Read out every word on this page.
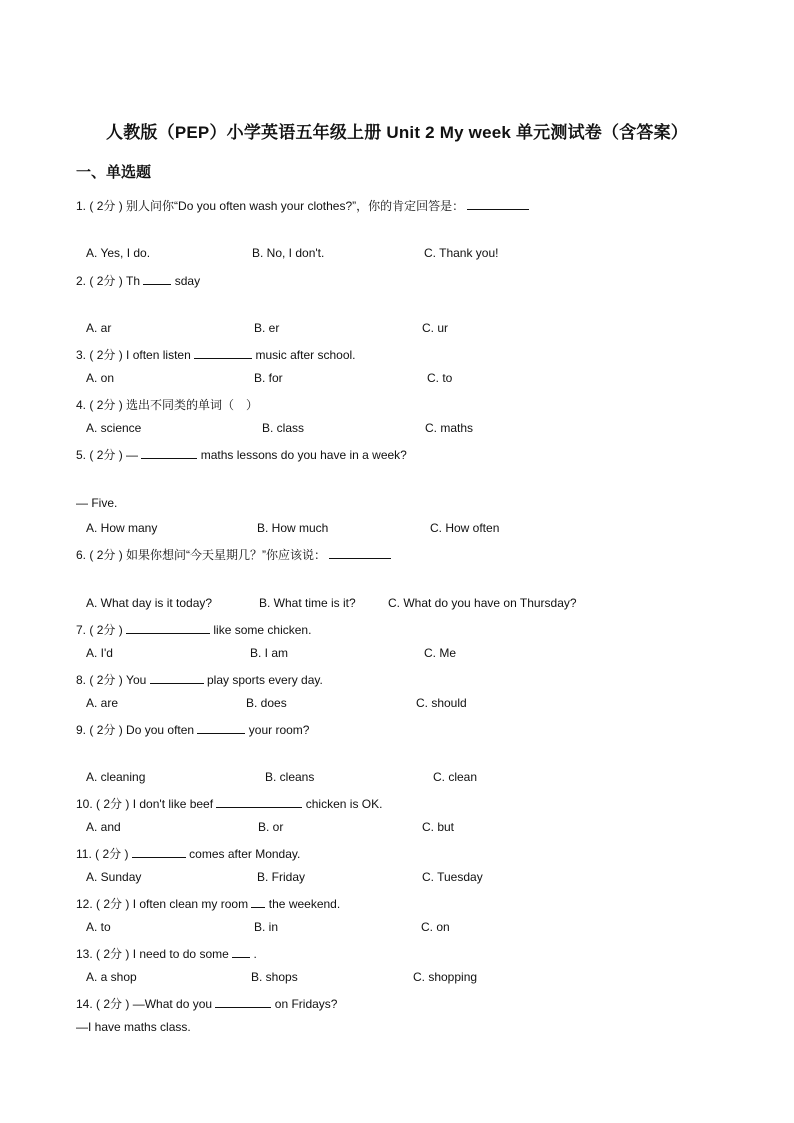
人教版（PEP）小学英语五年级上册 Unit 2 My week 单元测试卷（含答案）
一、单选题
1. ( 2分 ) 别人问你“Do you often wash your clothes?”，你的肯定回答是：
A. Yes, I do.	B. No, I don't.	C. Thank you!
2. ( 2分 ) Th	sday
A. ar	B. er	C. ur
3. ( 2分 ) I often listen	music after school.
A. on	B. for	C. to
4. ( 2分 ) 选出不同类的单词（　）
A. science	B. class	C. maths
5. ( 2分 ) —	maths lessons do you have in a week?
— Five.
A. How many	B. How much	C. How often
6. ( 2分 ) 如果你想问“今天星期几？”你应该说：
A. What day is it today?	B. What time is it?	C. What do you have on Thursday?
7. ( 2分 )	like some chicken.
A. I'd	B. I am	C. Me
8. ( 2分 ) You	play sports every day.
A. are	B. does	C. should
9. ( 2分 ) Do you often	your room?
A. cleaning	B. cleans	C. clean
10. ( 2分 ) I don't like beef	chicken is OK.
A. and	B. or	C. but
11. ( 2分 )	comes after Monday.
A. Sunday	B. Friday	C. Tuesday
12. ( 2分 ) I often clean my room the weekend.
A. to	B. in	C. on
13. ( 2分 ) I need to do some .
A. a shop	B. shops	C. shopping
14. ( 2分 ) —What do you	on Fridays?
—I have maths class.
